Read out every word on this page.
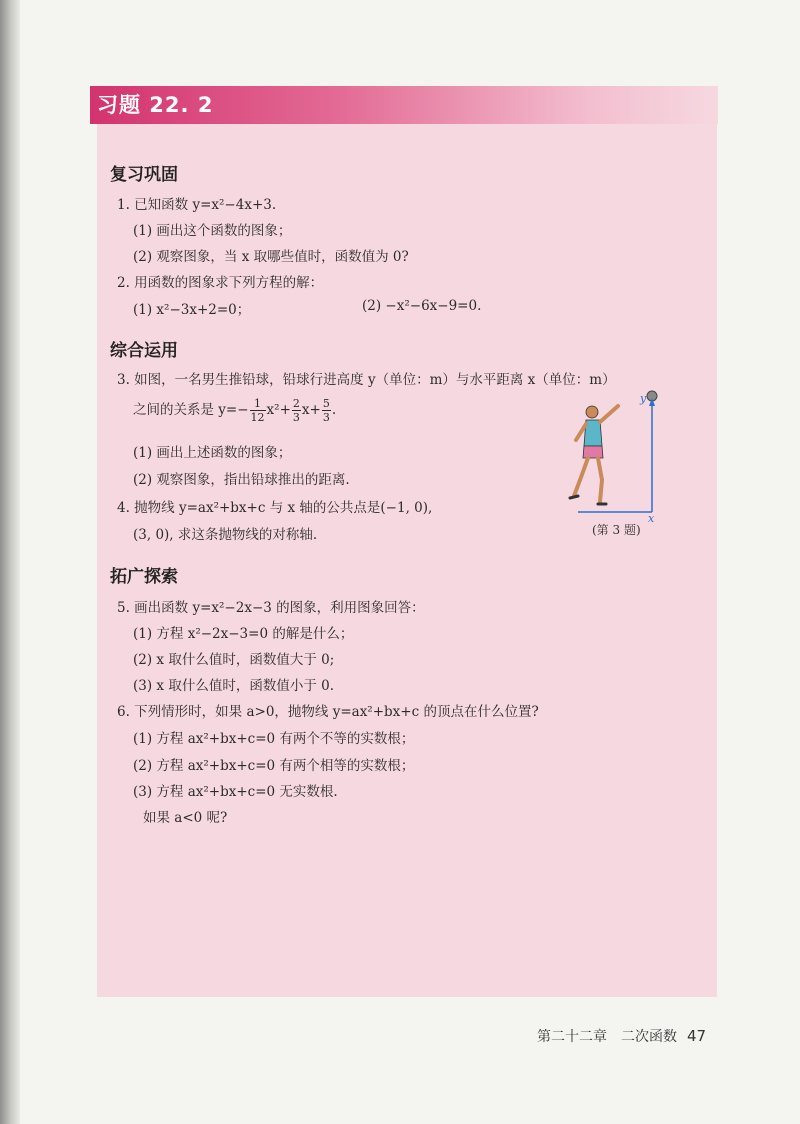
习题 22. 2
复习巩固
1. 已知函数 y=x²−4x+3.
(1) 画出这个函数的图象；
(2) 观察图象，当 x 取哪些值时，函数值为 0?
2. 用函数的图象求下列方程的解：
(1) x²−3x+2=0；	(2) −x²−6x−9=0.
综合运用
3. 如图，一名男生推铅球，铅球行进高度 y（单位：m）与水平距离 x（单位：m）
之间的关系是 $y=- \frac{1}{12} x^2+ \frac{2}{3} x+ \frac{5}{3}$ .
(1) 画出上述函数的图象；
(2) 观察图象，指出铅球推出的距离.
4. 抛物线 y=ax²+bx+c 与 x 轴的公共点是(−1, 0),
(3, 0), 求这条抛物线的对称轴.
y
x
(第 3 题)
拓广探索
5. 画出函数 y=x²−2x−3 的图象，利用图象回答：
(1) 方程 x²−2x−3=0 的解是什么；
(2) x 取什么值时，函数值大于 0;
(3) x 取什么值时，函数值小于 0.
6. 下列情形时，如果 a>0，抛物线 y=ax²+bx+c 的顶点在什么位置?
(1) 方程 ax²+bx+c=0 有两个不等的实数根；
(2) 方程 ax²+bx+c=0 有两个相等的实数根；
(3) 方程 ax²+bx+c=0 无实数根.
如果 a<0 呢?
第二十二章　二次函数 47
